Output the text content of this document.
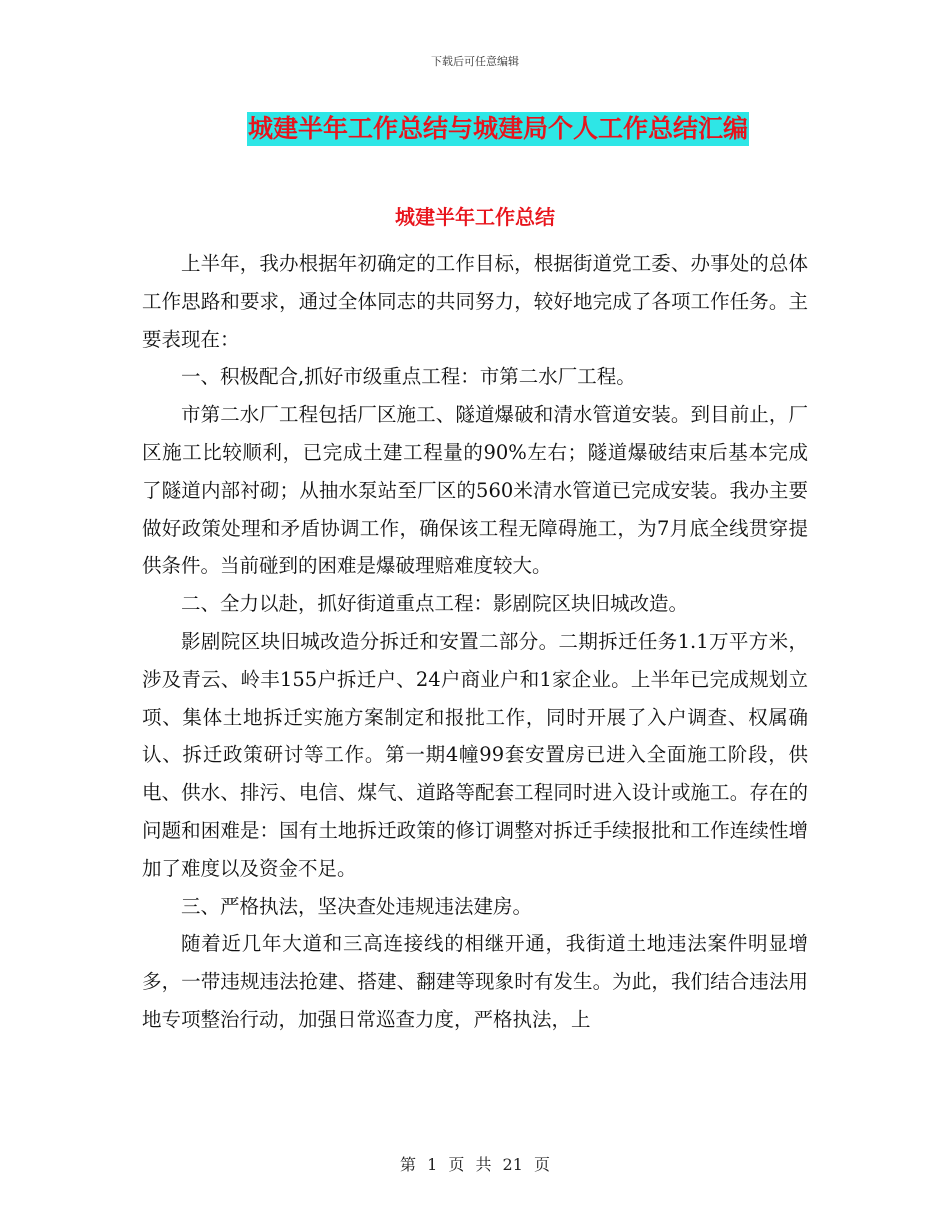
下载后可任意编辑
城建半年工作总结与城建局个人工作总结汇编
城建半年工作总结

上半年，我办根据年初确定的工作目标，根据街道党工委、办事处的总体工作思路和要求，通过全体同志的共同努力，较好地完成了各项工作任务。主要表现在：

一、积极配合,抓好市级重点工程：市第二水厂工程。

市第二水厂工程包括厂区施工、隧道爆破和清水管道安装。到目前止，厂区施工比较顺利，已完成土建工程量的90%左右；隧道爆破结束后基本完成了隧道内部衬砌；从抽水泵站至厂区的560米清水管道已完成安装。我办主要做好政策处理和矛盾协调工作，确保该工程无障碍施工，为7月底全线贯穿提供条件。当前碰到的困难是爆破理赔难度较大。

二、全力以赴，抓好街道重点工程：影剧院区块旧城改造。

影剧院区块旧城改造分拆迁和安置二部分。二期拆迁任务1.1万平方米，涉及青云、岭丰155户拆迁户、24户商业户和1家企业。上半年已完成规划立项、集体土地拆迁实施方案制定和报批工作，同时开展了入户调查、权属确认、拆迁政策研讨等工作。第一期4幢99套安置房已进入全面施工阶段，供电、供水、排污、电信、煤气、道路等配套工程同时进入设计或施工。存在的问题和困难是：国有土地拆迁政策的修订调整对拆迁手续报批和工作连续性增加了难度以及资金不足。

三、严格执法，坚决查处违规违法建房。

随着近几年大道和三高连接线的相继开通，我街道土地违法案件明显增多，一带违规违法抢建、搭建、翻建等现象时有发生。为此，我们结合违法用地专项整治行动，加强日常巡查力度，严格执法，上

第 1 页 共 21 页
